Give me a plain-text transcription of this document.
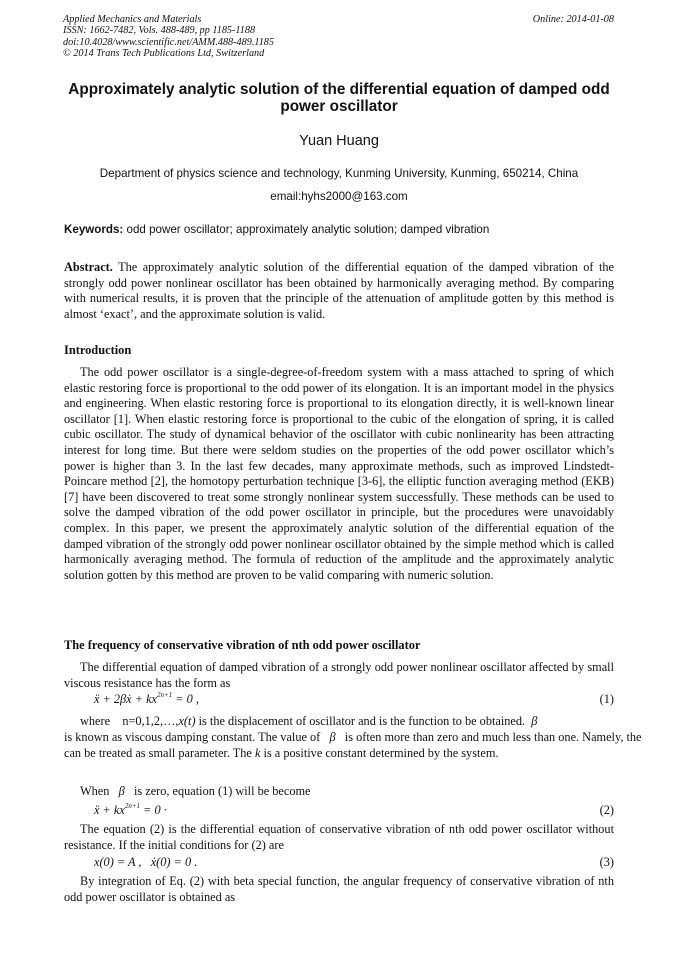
Applied Mechanics and Materials
ISSN: 1662-7482, Vols. 488-489, pp 1185-1188
doi:10.4028/www.scientific.net/AMM.488-489.1185
© 2014 Trans Tech Publications Ltd, Switzerland
Online: 2014-01-08
Approximately analytic solution of the differential equation of damped odd power oscillator
Yuan Huang
Department of physics science and technology, Kunming University, Kunming, 650214, China
email:hyhs2000@163.com
Keywords: odd power oscillator; approximately analytic solution; damped vibration
Abstract. The approximately analytic solution of the differential equation of the damped vibration of the strongly odd power nonlinear oscillator has been obtained by harmonically averaging method. By comparing with numerical results, it is proven that the principle of the attenuation of amplitude gotten by this method is almost ‘exact’, and the approximate solution is valid.
Introduction
The odd power oscillator is a single-degree-of-freedom system with a mass attached to spring of which elastic restoring force is proportional to the odd power of its elongation. It is an important model in the physics and engineering. When elastic restoring force is proportional to its elongation directly, it is well-known linear oscillator [1]. When elastic restoring force is proportional to the cubic of the elongation of spring, it is called cubic oscillator. The study of dynamical behavior of the oscillator with cubic nonlinearity has been attracting interest for long time. But there were seldom studies on the properties of the odd power oscillator which’s power is higher than 3. In the last few decades, many approximate methods, such as improved Lindstedt-Poincare method [2], the homotopy perturbation technique [3-6], the elliptic function averaging method (EKB) [7] have been discovered to treat some strongly nonlinear system successfully. These methods can be used to solve the damped vibration of the odd power oscillator in principle, but the procedures were unavoidably complex. In this paper, we present the approximately analytic solution of the differential equation of the damped vibration of the strongly odd power nonlinear oscillator obtained by the simple method which is called harmonically averaging method. The formula of reduction of the amplitude and the approximately analytic solution gotten by this method are proven to be valid comparing with numeric solution.
The frequency of conservative vibration of nth odd power oscillator
The differential equation of damped vibration of a strongly odd power nonlinear oscillator affected by small viscous resistance has the form as
ẍ + 2βẋ + $kx^{2n+1} = 0$ ,	(1)
where n=0,1,2,…,x(t) is the displacement of oscillator and is the function to be obtained. β
is known as viscous damping constant. The value of β is often more than zero and much less than one. Namely, the
can be treated as small parameter. The k is a positive constant determined by the system.
When β is zero, equation (1) will be become
ẍ + $kx^{2n+1} = 0$ ·	(2)
The equation (2) is the differential equation of conservative vibration of nth odd power oscillator without resistance. If the initial conditions for (2) are
x(0) = A , ẋ(0) = 0 .	(3)
By integration of Eq. (2) with beta special function, the angular frequency of conservative vibration of nth odd power oscillator is obtained as
